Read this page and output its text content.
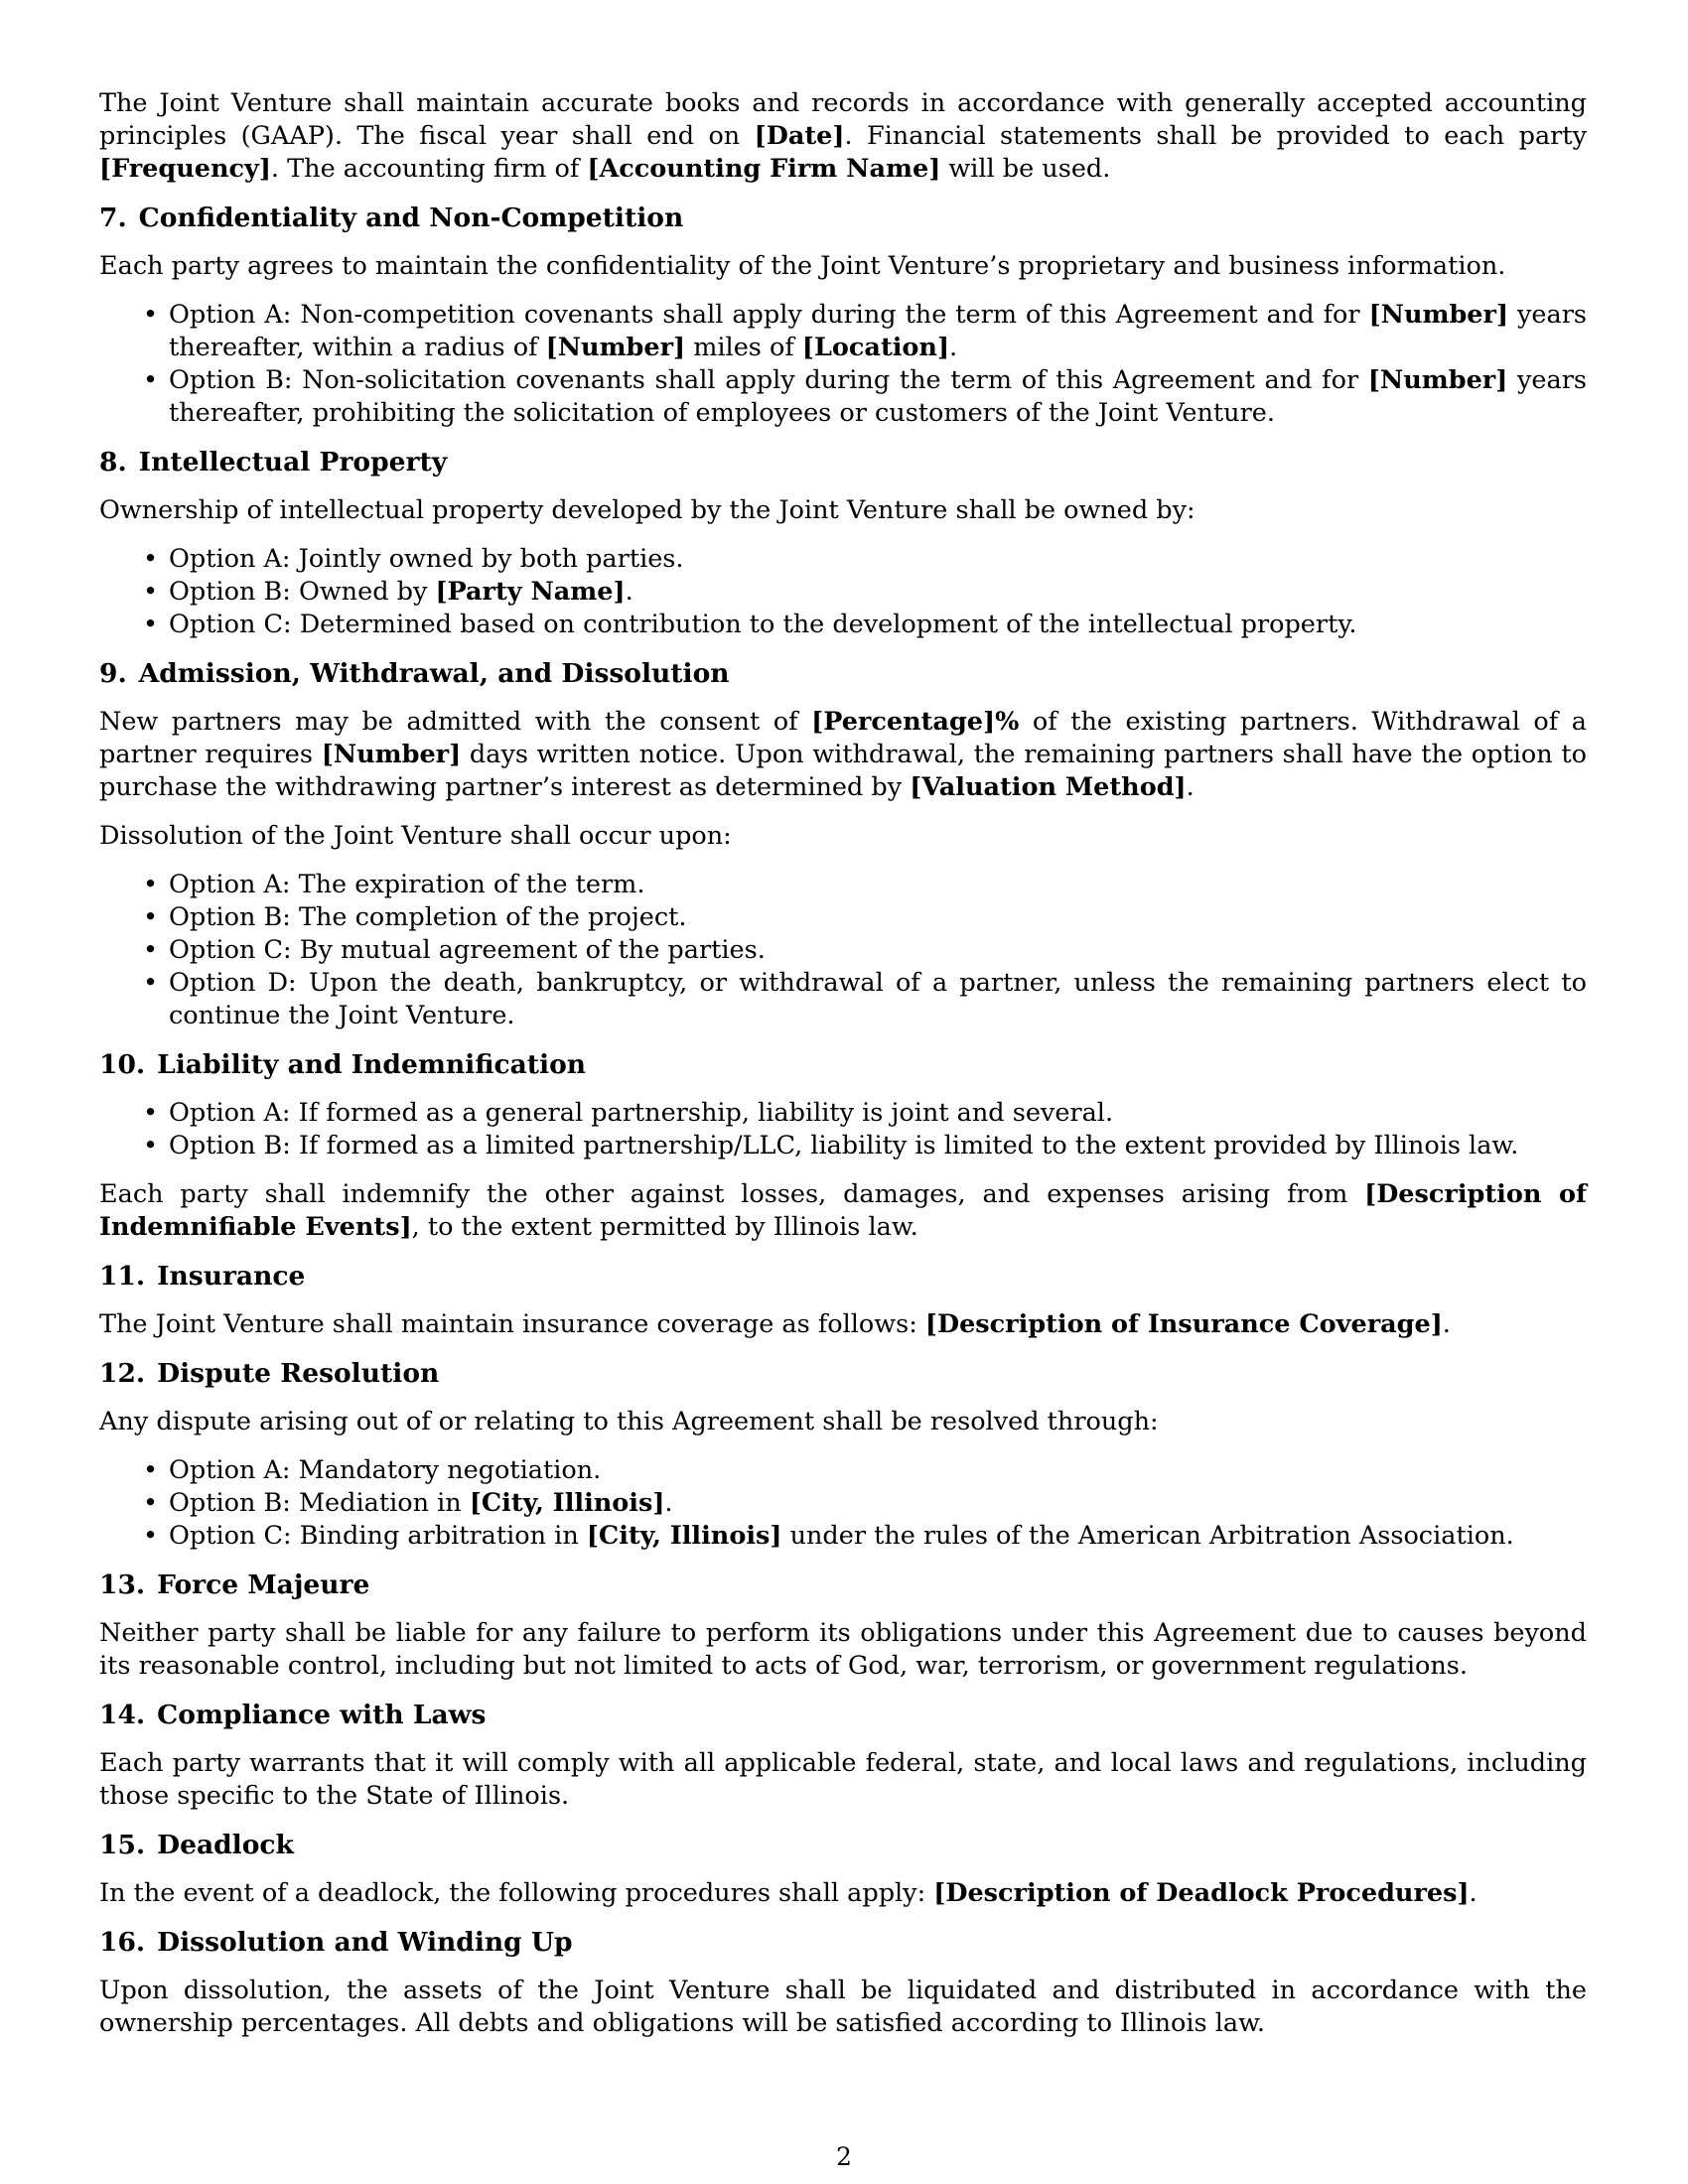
The Joint Venture shall maintain accurate books and records in accordance with generally accepted accounting principles (GAAP). The fiscal year shall end on [Date]. Financial statements shall be provided to each party [Frequency]. The accounting firm of [Accounting Firm Name] will be used.

7. Confidentiality and Non-Competition

Each party agrees to maintain the confidentiality of the Joint Venture’s proprietary and business information.

• Option A: Non-competition covenants shall apply during the term of this Agreement and for [Number] years thereafter, within a radius of [Number] miles of [Location].
• Option B: Non-solicitation covenants shall apply during the term of this Agreement and for [Number] years thereafter, prohibiting the solicitation of employees or customers of the Joint Venture.
8. Intellectual Property

Ownership of intellectual property developed by the Joint Venture shall be owned by:

• Option A: Jointly owned by both parties.
• Option B: Owned by [Party Name].
• Option C: Determined based on contribution to the development of the intellectual property.
9. Admission, Withdrawal, and Dissolution

New partners may be admitted with the consent of [Percentage]% of the existing partners. Withdrawal of a partner requires [Number] days written notice. Upon withdrawal, the remaining partners shall have the option to purchase the withdrawing partner’s interest as determined by [Valuation Method].

Dissolution of the Joint Venture shall occur upon:

• Option A: The expiration of the term.
• Option B: The completion of the project.
• Option C: By mutual agreement of the parties.
• Option D: Upon the death, bankruptcy, or withdrawal of a partner, unless the remaining partners elect to continue the Joint Venture.
10. Liability and Indemnification
• Option A: If formed as a general partnership, liability is joint and several.
• Option B: If formed as a limited partnership/LLC, liability is limited to the extent provided by Illinois law.

Each party shall indemnify the other against losses, damages, and expenses arising from [Description of Indemnifiable Events], to the extent permitted by Illinois law.

11. Insurance

The Joint Venture shall maintain insurance coverage as follows: [Description of Insurance Coverage].

12. Dispute Resolution

Any dispute arising out of or relating to this Agreement shall be resolved through:

• Option A: Mandatory negotiation.
• Option B: Mediation in [City, Illinois].
• Option C: Binding arbitration in [City, Illinois] under the rules of the American Arbitration Association.
13. Force Majeure

Neither party shall be liable for any failure to perform its obligations under this Agreement due to causes beyond its reasonable control, including but not limited to acts of God, war, terrorism, or government regulations.

14. Compliance with Laws

Each party warrants that it will comply with all applicable federal, state, and local laws and regulations, including those specific to the State of Illinois.

15. Deadlock

In the event of a deadlock, the following procedures shall apply: [Description of Deadlock Procedures].

16. Dissolution and Winding Up

Upon dissolution, the assets of the Joint Venture shall be liquidated and distributed in accordance with the ownership percentages. All debts and obligations will be satisfied according to Illinois law.

2
